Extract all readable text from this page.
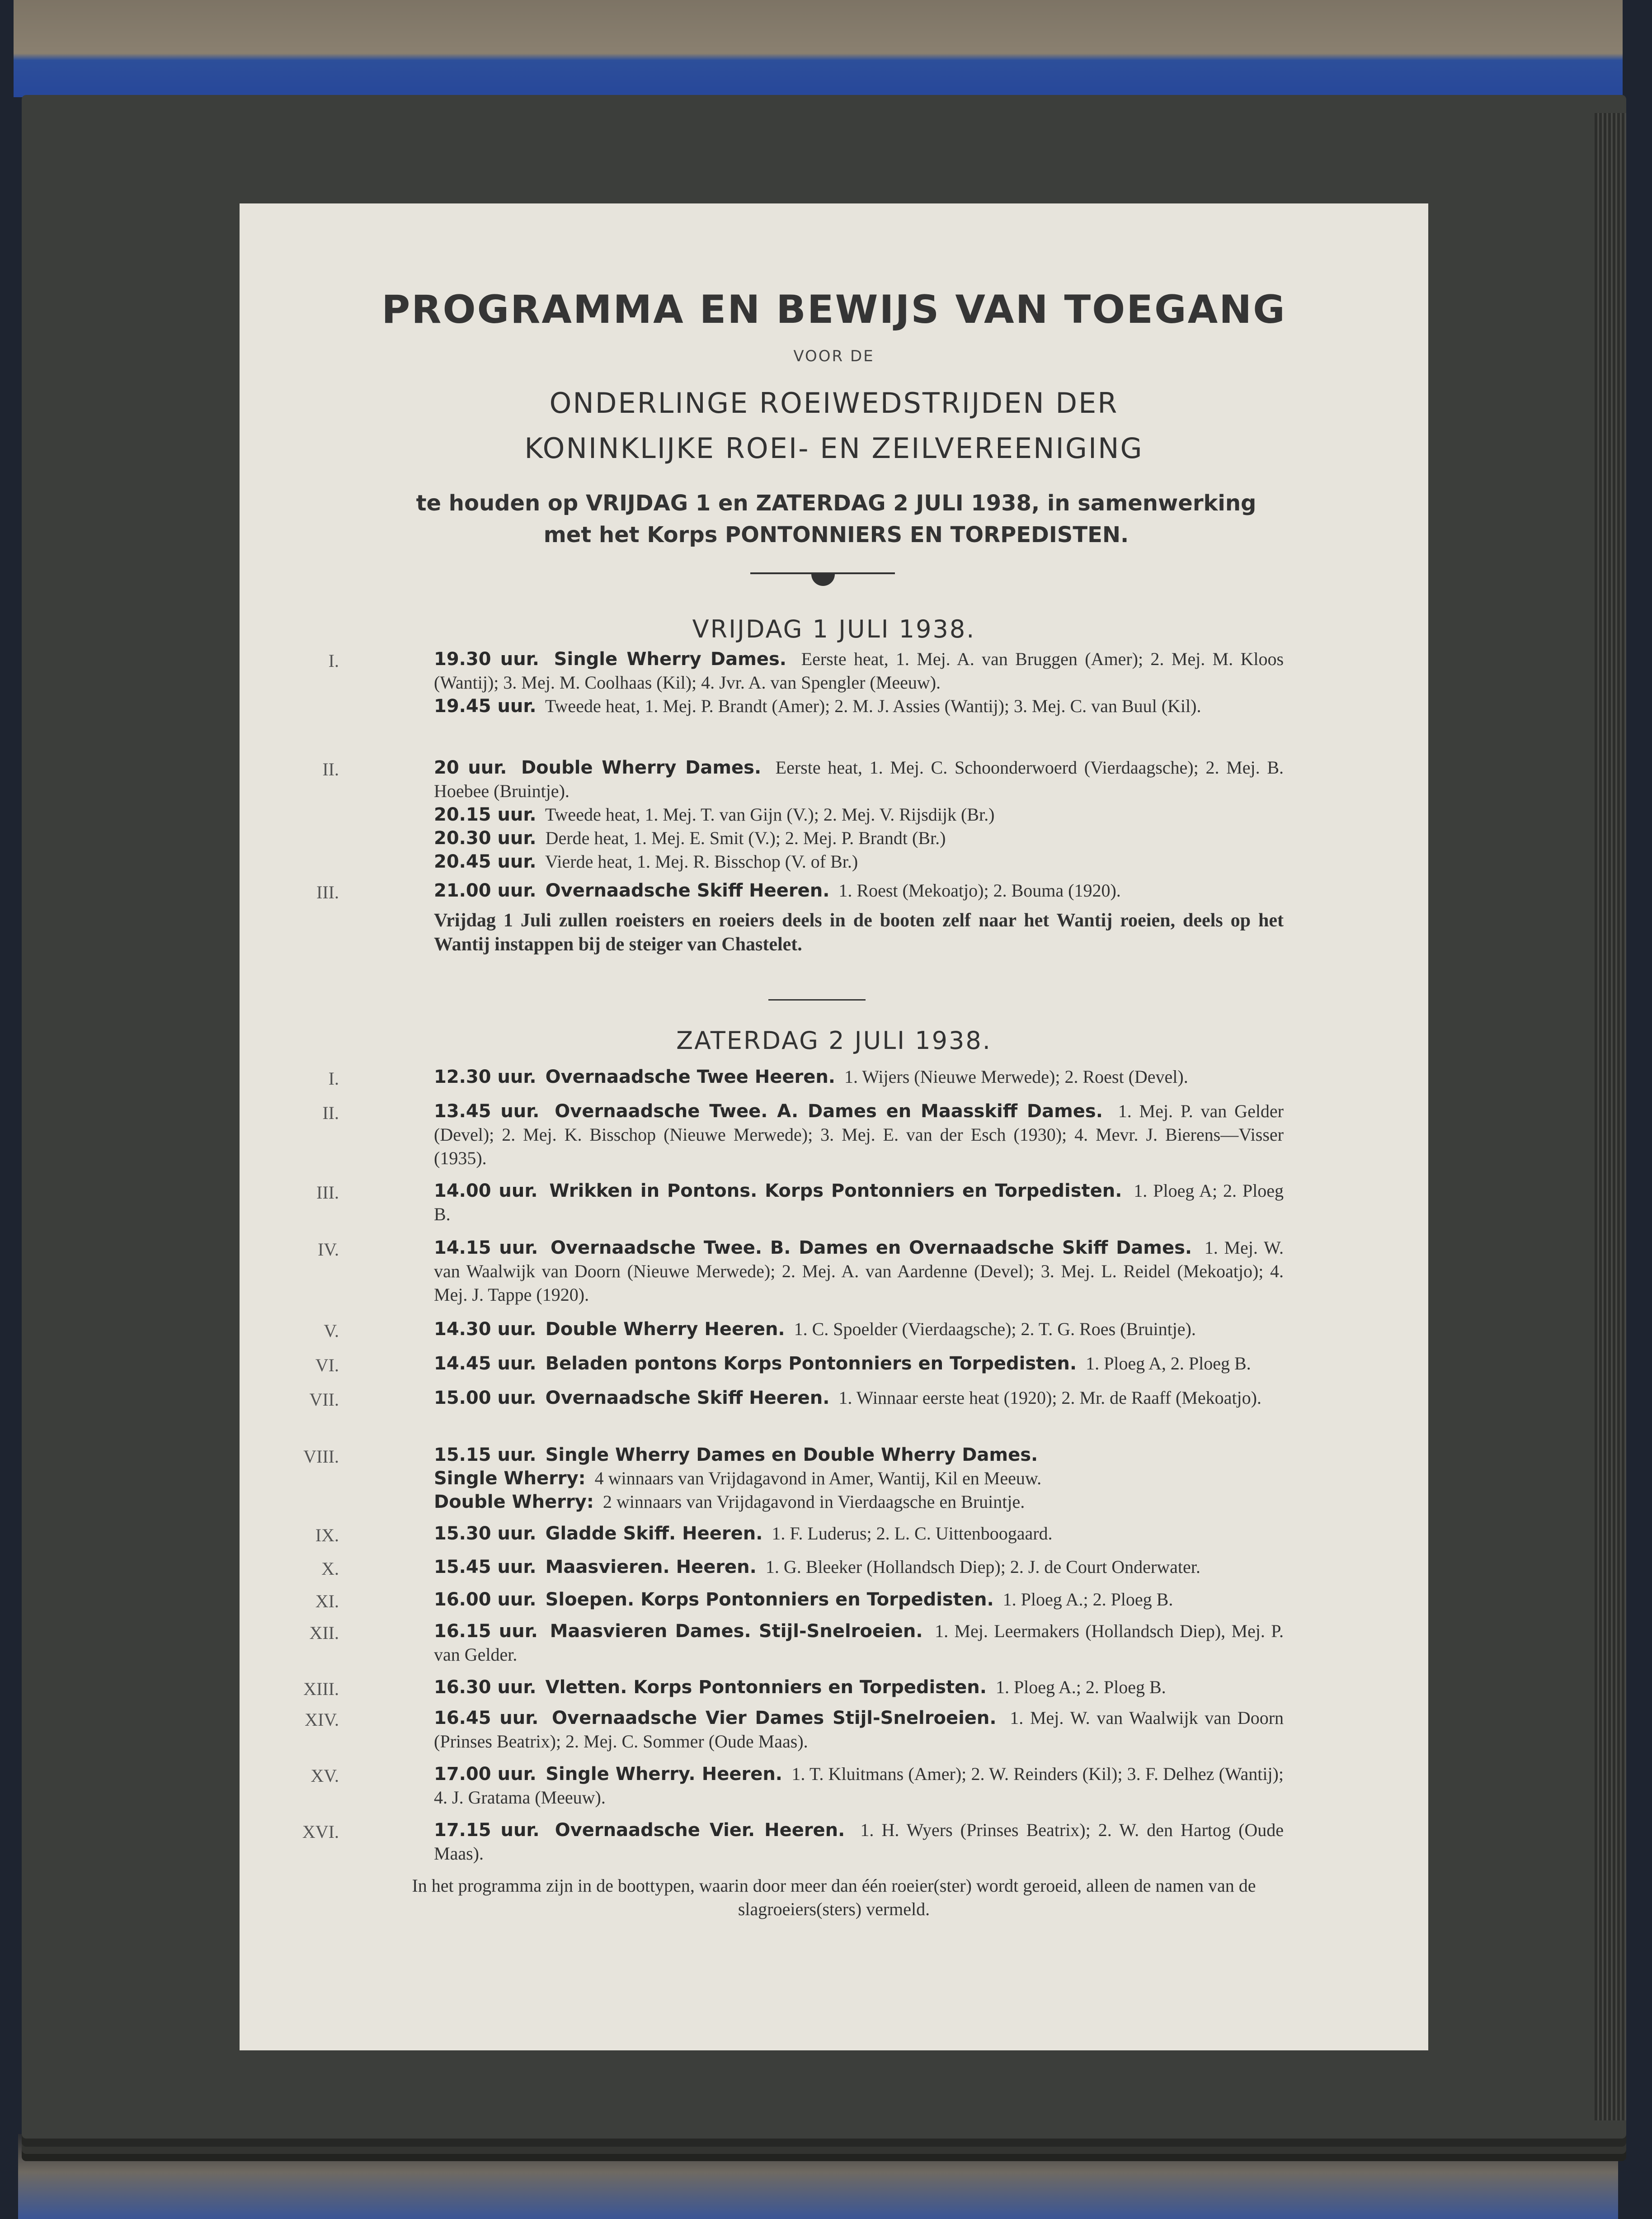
PROGRAMMA EN BEWIJS VAN TOEGANG
VOOR DE
ONDERLINGE ROEIWEDSTRIJDEN DER
KONINKLIJKE ROEI- EN ZEILVEREENIGING
te houden op VRIJDAG 1 en ZATERDAG 2 JULI 1938, in samenwerking
met het Korps PONTONNIERS EN TORPEDISTEN.
VRIJDAG 1 JULI 1938.
I.	19.30 uur. Single Wherry Dames. Eerste heat, 1. Mej. A. van Bruggen (Amer); 2. Mej. M. Kloos (Wantij); 3. Mej. M. Coolhaas (Kil); 4. Jvr. A. van Spengler (Meeuw).
19.45 uur. Tweede heat, 1. Mej. P. Brandt (Amer); 2. M. J. Assies (Wantij); 3. Mej. C. van Buul (Kil).
II.	20 uur. Double Wherry Dames. Eerste heat, 1. Mej. C. Schoonderwoerd (Vierdaagsche); 2. Mej. B. Hoebee (Bruintje).
20.15 uur. Tweede heat, 1. Mej. T. van Gijn (V.); 2. Mej. V. Rijsdijk (Br.)
20.30 uur. Derde heat, 1. Mej. E. Smit (V.); 2. Mej. P. Brandt (Br.)
20.45 uur. Vierde heat, 1. Mej. R. Bisschop (V. of Br.)
III.	21.00 uur. Overnaadsche Skiff Heeren. 1. Roest (Mekoatjo); 2. Bouma (1920).
Vrijdag 1 Juli zullen roeisters en roeiers deels in de booten zelf naar het Wantij roeien, deels op het Wantij instappen bij de steiger van Chastelet.
ZATERDAG 2 JULI 1938.
I.	12.30 uur. Overnaadsche Twee Heeren. 1. Wijers (Nieuwe Merwede); 2. Roest (Devel).
II.	13.45 uur. Overnaadsche Twee. A. Dames en Maasskiff Dames. 1. Mej. P. van Gelder (Devel); 2. Mej. K. Bisschop (Nieuwe Merwede); 3. Mej. E. van der Esch (1930); 4. Mevr. J. Bierens—Visser (1935).
III.	14.00 uur. Wrikken in Pontons. Korps Pontonniers en Torpedisten. 1. Ploeg A; 2. Ploeg B.
IV.	14.15 uur. Overnaadsche Twee. B. Dames en Overnaadsche Skiff Dames. 1. Mej. W. van Waalwijk van Doorn (Nieuwe Merwede); 2. Mej. A. van Aardenne (Devel); 3. Mej. L. Reidel (Mekoatjo); 4. Mej. J. Tappe (1920).
V.	14.30 uur. Double Wherry Heeren. 1. C. Spoelder (Vierdaagsche); 2. T. G. Roes (Bruintje).
VI.	14.45 uur. Beladen pontons Korps Pontonniers en Torpedisten. 1. Ploeg A, 2. Ploeg B.
VII.	15.00 uur. Overnaadsche Skiff Heeren. 1. Winnaar eerste heat (1920); 2. Mr. de Raaff (Mekoatjo).
VIII.	15.15 uur. Single Wherry Dames en Double Wherry Dames.
Single Wherry: 4 winnaars van Vrijdagavond in Amer, Wantij, Kil en Meeuw.
Double Wherry: 2 winnaars van Vrijdagavond in Vierdaagsche en Bruintje.
IX.	15.30 uur. Gladde Skiff. Heeren. 1. F. Luderus; 2. L. C. Uittenboogaard.
X.	15.45 uur. Maasvieren. Heeren. 1. G. Bleeker (Hollandsch Diep); 2. J. de Court Onderwater.
XI.	16.00 uur. Sloepen. Korps Pontonniers en Torpedisten. 1. Ploeg A.; 2. Ploeg B.
XII.	16.15 uur. Maasvieren Dames. Stijl-Snelroeien. 1. Mej. Leermakers (Hollandsch Diep), Mej. P. van Gelder.
XIII.	16.30 uur. Vletten. Korps Pontonniers en Torpedisten. 1. Ploeg A.; 2. Ploeg B.
XIV.	16.45 uur. Overnaadsche Vier Dames Stijl-Snelroeien. 1. Mej. W. van Waalwijk van Doorn (Prinses Beatrix); 2. Mej. C. Sommer (Oude Maas).
XV.	17.00 uur. Single Wherry. Heeren. 1. T. Kluitmans (Amer); 2. W. Reinders (Kil); 3. F. Delhez (Wantij); 4. J. Gratama (Meeuw).
XVI.	17.15 uur. Overnaadsche Vier. Heeren. 1. H. Wyers (Prinses Beatrix); 2. W. den Hartog (Oude Maas).
In het programma zijn in de boottypen, waarin door meer dan één roeier(ster) wordt geroeid, alleen de namen van de slagroeiers(sters) vermeld.
